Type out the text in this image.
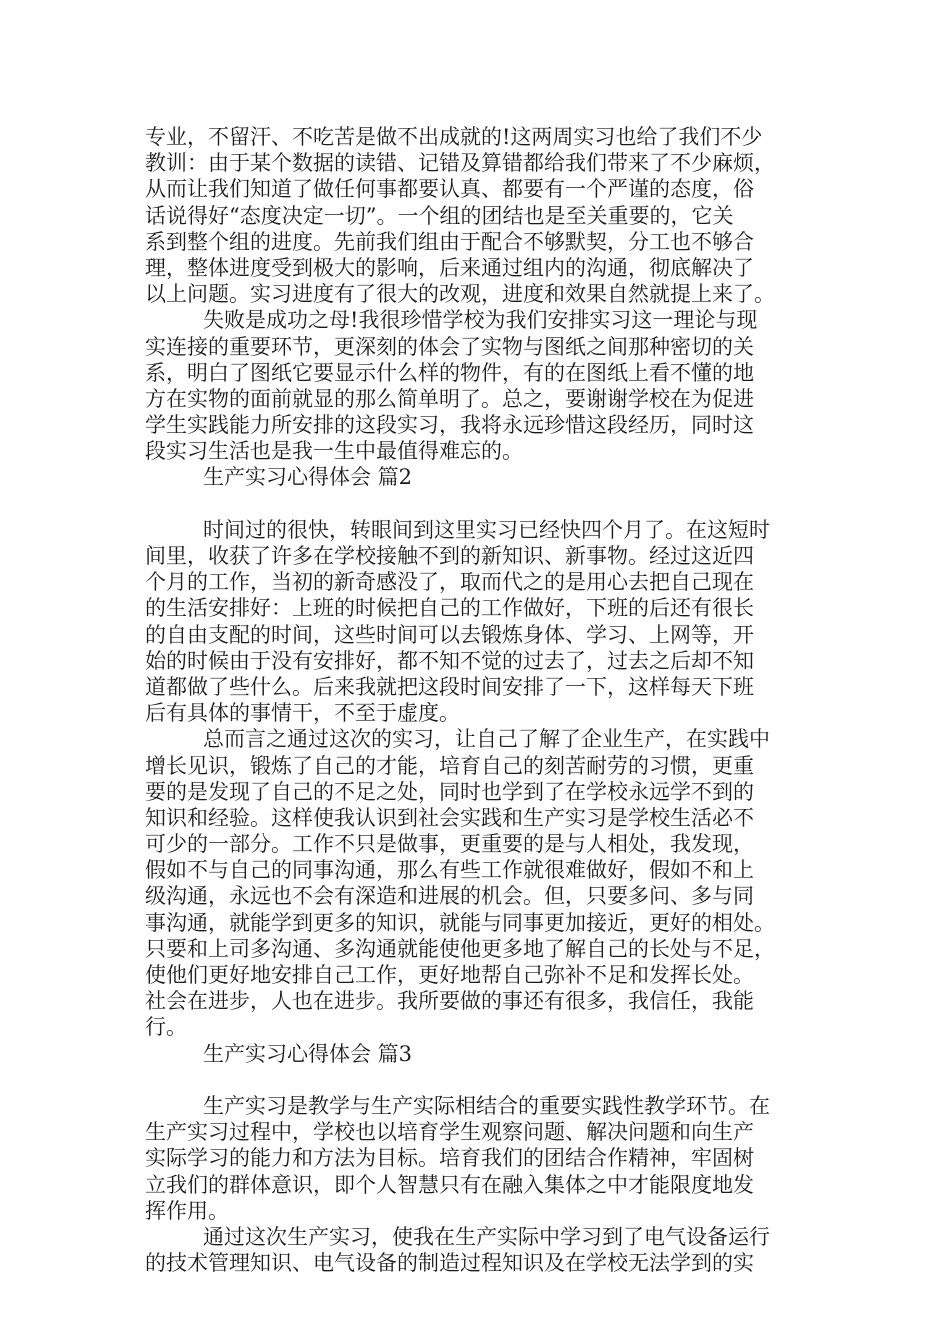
专业，不留汗、不吃苦是做不出成就的!这两周实习也给了我们不少
教训：由于某个数据的读错、记错及算错都给我们带来了不少麻烦，
从而让我们知道了做任何事都要认真、都要有一个严谨的态度，俗
话说得好“态度决定一切”。一个组的团结也是至关重要的，它关
系到整个组的进度。先前我们组由于配合不够默契，分工也不够合
理，整体进度受到极大的影响，后来通过组内的沟通，彻底解决了
以上问题。实习进度有了很大的改观，进度和效果自然就提上来了。
失败是成功之母!我很珍惜学校为我们安排实习这一理论与现
实连接的重要环节，更深刻的体会了实物与图纸之间那种密切的关
系，明白了图纸它要显示什么样的物件，有的在图纸上看不懂的地
方在实物的面前就显的那么简单明了。总之，要谢谢学校在为促进
学生实践能力所安排的这段实习，我将永远珍惜这段经历，同时这
段实习生活也是我一生中最值得难忘的。
生产实习心得体会 篇2
时间过的很快，转眼间到这里实习已经快四个月了。在这短时
间里，收获了许多在学校接触不到的新知识、新事物。经过这近四
个月的工作，当初的新奇感没了，取而代之的是用心去把自己现在
的生活安排好：上班的时候把自己的工作做好，下班的后还有很长
的自由支配的时间，这些时间可以去锻炼身体、学习、上网等，开
始的时候由于没有安排好，都不知不觉的过去了，过去之后却不知
道都做了些什么。后来我就把这段时间安排了一下，这样每天下班
后有具体的事情干，不至于虚度。
总而言之通过这次的实习，让自己了解了企业生产，在实践中
增长见识，锻炼了自己的才能，培育自己的刻苦耐劳的习惯，更重
要的是发现了自己的不足之处，同时也学到了在学校永远学不到的
知识和经验。这样使我认识到社会实践和生产实习是学校生活必不
可少的一部分。工作不只是做事，更重要的是与人相处，我发现，
假如不与自己的同事沟通，那么有些工作就很难做好，假如不和上
级沟通，永远也不会有深造和进展的机会。但，只要多问、多与同
事沟通，就能学到更多的知识，就能与同事更加接近，更好的相处。
只要和上司多沟通、多沟通就能使他更多地了解自己的长处与不足，
使他们更好地安排自己工作，更好地帮自己弥补不足和发挥长处。
社会在进步，人也在进步。我所要做的事还有很多，我信任，我能
行。
生产实习心得体会 篇3
生产实习是教学与生产实际相结合的重要实践性教学环节。在
生产实习过程中，学校也以培育学生观察问题、解决问题和向生产
实际学习的能力和方法为目标。培育我们的团结合作精神，牢固树
立我们的群体意识，即个人智慧只有在融入集体之中才能限度地发
挥作用。
通过这次生产实习，使我在生产实际中学习到了电气设备运行
的技术管理知识、电气设备的制造过程知识及在学校无法学到的实
